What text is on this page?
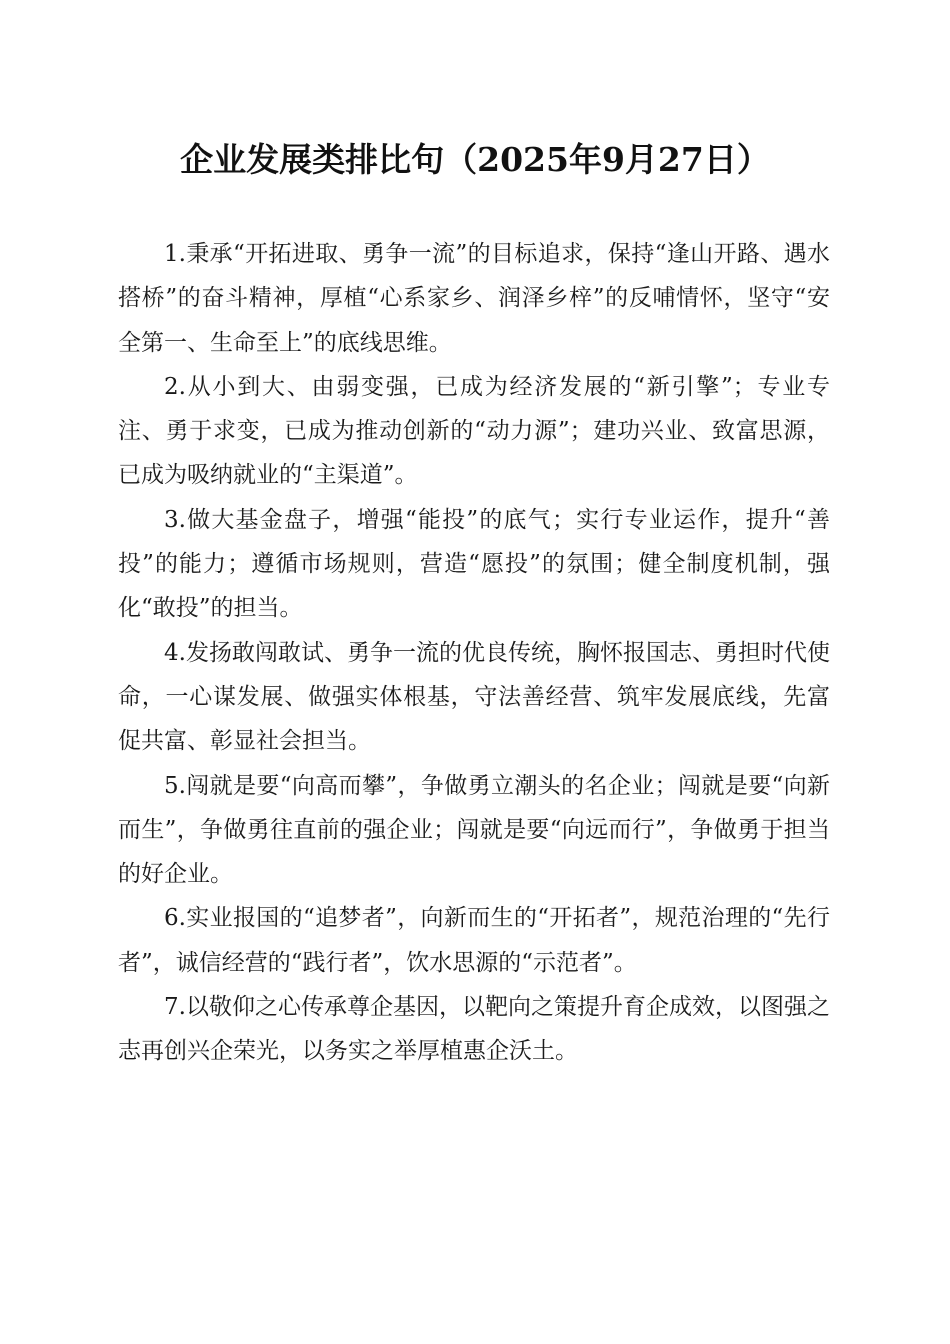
企业发展类排比句（2025年9月27日）

1.秉承“开拓进取、勇争一流”的目标追求，保持“逢山开路、遇水搭桥”的奋斗精神，厚植“心系家乡、润泽乡梓”的反哺情怀，坚守“安全第一、生命至上”的底线思维。

2.从小到大、由弱变强，已成为经济发展的“新引擎”；专业专注、勇于求变，已成为推动创新的“动力源”；建功兴业、致富思源，已成为吸纳就业的“主渠道”。

3.做大基金盘子，增强“能投”的底气；实行专业运作，提升“善投”的能力；遵循市场规则，营造“愿投”的氛围；健全制度机制，强化“敢投”的担当。

4.发扬敢闯敢试、勇争一流的优良传统，胸怀报国志、勇担时代使命，一心谋发展、做强实体根基，守法善经营、筑牢发展底线，先富促共富、彰显社会担当。

5.闯就是要“向高而攀”，争做勇立潮头的名企业；闯就是要“向新而生”，争做勇往直前的强企业；闯就是要“向远而行”，争做勇于担当的好企业。

6.实业报国的“追梦者”，向新而生的“开拓者”，规范治理的“先行者”，诚信经营的“践行者”，饮水思源的“示范者”。

7.以敬仰之心传承尊企基因，以靶向之策提升育企成效，以图强之志再创兴企荣光，以务实之举厚植惠企沃土。
